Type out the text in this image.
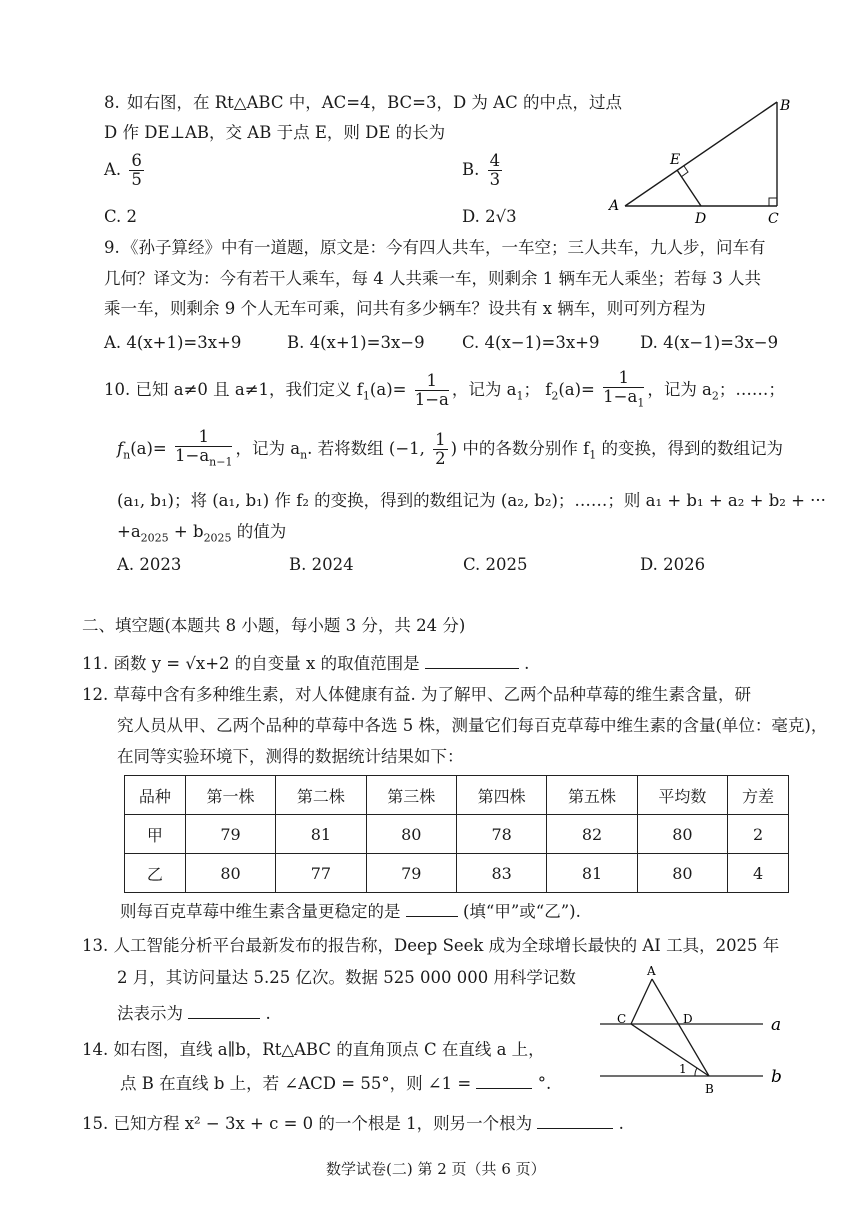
8. 如右图，在 Rt△ABC 中，AC=4，BC=3，D 为 AC 的中点，过点
D 作 DE⊥AB，交 AB 于点 E，则 DE 的长为
A. $\frac{6}{5}$	B. $\frac{4}{3}$
C. 2	D. 2√3
A
B
C
D
E
9. 《孙子算经》中有一道题，原文是：今有四人共车，一车空；三人共车，九人步，问车有
几何？译文为：今有若干人乘车，每 4 人共乘一车，则剩余 1 辆车无人乘坐；若每 3 人共
乘一车，则剩余 9 个人无车可乘，问共有多少辆车？设共有 x 辆车，则可列方程为
A. 4(x+1)=3x+9	B. 4(x+1)=3x−9 C. 4(x−1)=3x+9 D. 4(x−1)=3x−9
10. 已知 a≠0 且 a≠1，我们定义 $f_1(a)= \frac{1}{1-a}$ ，记为 $a_1$； $f_2(a)= \frac{1}{1-a_1}$ ，记为 $a_2$；……；
$f_n(a)= \frac{1}{1-a_{n-1}}$ ，记为 $a_n$. 若将数组 (−1, $\frac{1}{2}$ ) 中的各数分别作 $f_1$ 的变换，得到的数组记为
(a₁, b₁)；将 (a₁, b₁) 作 f₂ 的变换，得到的数组记为 (a₂, b₂)；……；则 a₁ + b₁ + a₂ + b₂ + ···
$+a_{2025} + b_{2025}$ 的值为
A. 2023	B. 2024	C. 2025	D. 2026
二、填空题(本题共 8 小题，每小题 3 分，共 24 分)
11. 函数 y = √x+2 的自变量 x 的取值范围是	.
12. 草莓中含有多种维生素，对人体健康有益. 为了解甲、乙两个品种草莓的维生素含量，研
究人员从甲、乙两个品种的草莓中各选 5 株，测量它们每百克草莓中维生素的含量(单位：毫克)，
在同等实验环境下，测得的数据统计结果如下：
品种	第一株	第二株	第三株	第四株	第五株	平均数	方差
甲	79	81	80	78	82	80	2
乙	80	77	79	83	81	80	4
则每百克草莓中维生素含量更稳定的是	(填“甲”或“乙”).
13. 人工智能分析平台最新发布的报告称，Deep Seek 成为全球增长最快的 AI 工具，2025 年
2 月，其访问量达 5.25 亿次。数据 525 000 000 用科学记数
法表示为	.
14. 如右图，直线 a∥b，Rt△ABC 的直角顶点 C 在直线 a 上，
点 B 在直线 b 上，若 ∠ACD = 55°，则 ∠1 =	°.
A
C	D
B
1
a
b
15. 已知方程 x² − 3x + c = 0 的一个根是 1，则另一个根为	.
数学试卷(二) 第 2 页（共 6 页）
